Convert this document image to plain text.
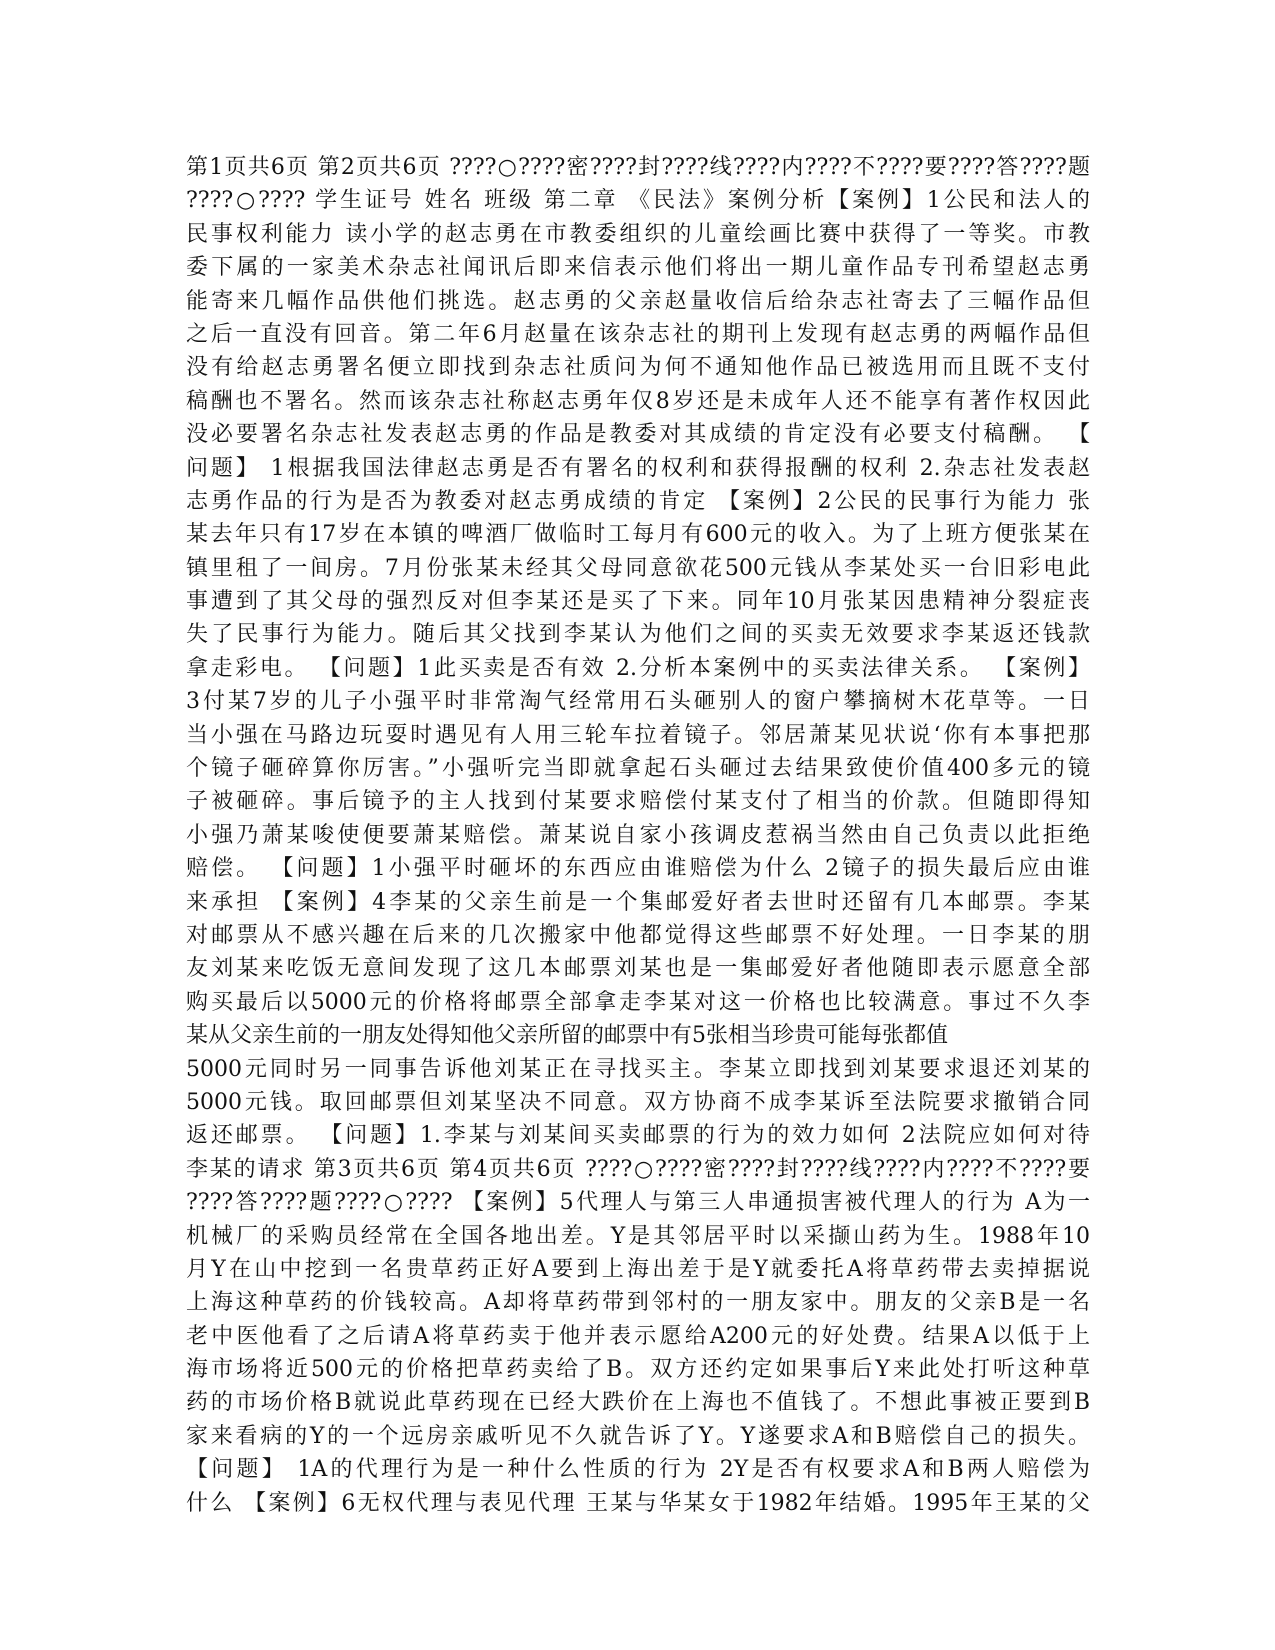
第1页共6页 第2页共6页 ????○????密????封????线????内????不????要????答????题
????○???? 学生证号 姓名 班级 第二章 《民法》案例分析【案例】1公民和法人的
民事权利能力 读小学的赵志勇在市教委组织的儿童绘画比赛中获得了一等奖。市教
委下属的一家美术杂志社闻讯后即来信表示他们将出一期儿童作品专刊希望赵志勇
能寄来几幅作品供他们挑选。赵志勇的父亲赵量收信后给杂志社寄去了三幅作品但
之后一直没有回音。第二年6月赵量在该杂志社的期刊上发现有赵志勇的两幅作品但
没有给赵志勇署名便立即找到杂志社质问为何不通知他作品已被选用而且既不支付
稿酬也不署名。然而该杂志社称赵志勇年仅8岁还是未成年人还不能享有著作权因此
没必要署名杂志社发表赵志勇的作品是教委对其成绩的肯定没有必要支付稿酬。 【
问题】 1根据我国法律赵志勇是否有署名的权利和获得报酬的权利 2.杂志社发表赵
志勇作品的行为是否为教委对赵志勇成绩的肯定 【案例】2公民的民事行为能力 张
某去年只有17岁在本镇的啤酒厂做临时工每月有600元的收入。为了上班方便张某在
镇里租了一间房。7月份张某未经其父母同意欲花500元钱从李某处买一台旧彩电此
事遭到了其父母的强烈反对但李某还是买了下来。同年10月张某因患精神分裂症丧
失了民事行为能力。随后其父找到李某认为他们之间的买卖无效要求李某返还钱款
拿走彩电。 【问题】1此买卖是否有效 2.分析本案例中的买卖法律关系。 【案例】
3付某7岁的儿子小强平时非常淘气经常用石头砸别人的窗户攀摘树木花草等。一日
当小强在马路边玩耍时遇见有人用三轮车拉着镜子。邻居萧某见状说‘你有本事把那
个镜子砸碎算你厉害。”小强听完当即就拿起石头砸过去结果致使价值400多元的镜
子被砸碎。事后镜予的主人找到付某要求赔偿付某支付了相当的价款。但随即得知
小强乃萧某唆使便要萧某赔偿。萧某说自家小孩调皮惹祸当然由自己负责以此拒绝
赔偿。 【问题】1小强平时砸坏的东西应由谁赔偿为什么 2镜子的损失最后应由谁
来承担 【案例】4李某的父亲生前是一个集邮爱好者去世时还留有几本邮票。李某
对邮票从不感兴趣在后来的几次搬家中他都觉得这些邮票不好处理。一日李某的朋
友刘某来吃饭无意间发现了这几本邮票刘某也是一集邮爱好者他随即表示愿意全部
购买最后以5000元的价格将邮票全部拿走李某对这一价格也比较满意。事过不久李
某从父亲生前的一朋友处得知他父亲所留的邮票中有5张相当珍贵可能每张都值
5000元同时另一同事告诉他刘某正在寻找买主。李某立即找到刘某要求退还刘某的
5000元钱。取回邮票但刘某坚决不同意。双方协商不成李某诉至法院要求撤销合同
返还邮票。 【问题】1.李某与刘某间买卖邮票的行为的效力如何 2法院应如何对待
李某的请求 第3页共6页 第4页共6页 ????○????密????封????线????内????不????要
????答????题????○???? 【案例】5代理人与第三人串通损害被代理人的行为 A为一
机械厂的采购员经常在全国各地出差。Y是其邻居平时以采撷山药为生。1988年10
月Y在山中挖到一名贵草药正好A要到上海出差于是Y就委托A将草药带去卖掉据说
上海这种草药的价钱较高。A却将草药带到邻村的一朋友家中。朋友的父亲B是一名
老中医他看了之后请A将草药卖于他并表示愿给A200元的好处费。结果A以低于上
海市场将近500元的价格把草药卖给了B。双方还约定如果事后Y来此处打听这种草
药的市场价格B就说此草药现在已经大跌价在上海也不值钱了。不想此事被正要到B
家来看病的Y的一个远房亲戚听见不久就告诉了Y。Y遂要求A和B赔偿自己的损失。
【问题】 1A的代理行为是一种什么性质的行为 2Y是否有权要求A和B两人赔偿为
什么 【案例】6无权代理与表见代理 王某与华某女于1982年结婚。1995年王某的父
